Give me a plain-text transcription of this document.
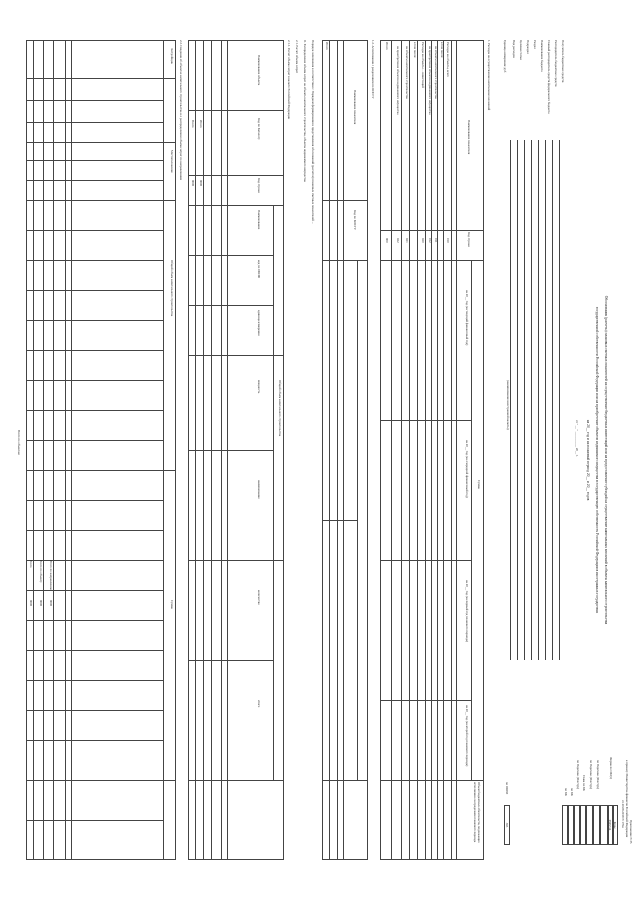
Приложение N 35
к приказу Министерства финансов Российской Федерации
от 20.08.2018 N 176н
Обоснования (расчеты) плановых сметных показателей на осуществление бюджетных инвестиций или на предоставление субсидий на осуществление капитальных вложений в объекты капитального строительства
государственной собственности Российской Федерации или на приобретение объектов недвижимого имущества в государственную собственность Российской Федерации в иностранных государствах
на 20__ год и на плановый период 20__ и 20__ годов
от " __ " __________ 20__ г.
Получатель бюджетных средств
Распорядитель бюджетных средств
Главный распорядитель средств федерального бюджета
Наименование бюджета
Раздел
Подраздел
Целевая статья
Вид расходов
Единица измерения: руб
(наименование иностранной валюты)
Коды
Форма по ОКУД
0505734
по Перечню (Реестру)
по Перечню (Реестру)
Глава по БК
по Перечню (Реестру)
по БК
по БК
по ОКЕИ
383
1. Расходы на осуществление капитальных вложений
Наименование показателя
Код строки
Сумма
на 20__ год (на текущий финансовый год)
на 20__ год (на очередной финансовый год)
на 20__ год (на первый год планового периода)
на 20__ год (на второй год планового периода)
Объем бюджетных обязательств, подлежащих исполнению за пределами планового периода
Расходы на объекты, всего
010
в том числе:
на объекты капитального строительства
011
на приобретение объектов недвижимого имущества
012
Расходы на объекты ... инвестиций
020
в том числе:
на объекты капитального строительства
021
на приобретение объектов недвижимого имущества
022
Итого
900
1.2. Ассигнования с разделением по КОСГУ
Наименование показателя
Код по КОСГУ
Итого
Порядок заполнения в соответствии с Порядком формирования и представления обоснований (расчетов) плановых сметных показателей ...
II. Распределение объема затрат на объекты капитального строительства, объекты недвижимого имущества
2.1. Расчет объема затрат
2.1.1. Расчет объема затрат в валюте Российской Федерации
Наименование объекта
Код по Каталогу
Код строки
Общий объем капитального строительства
Наименование
код по ОКОФ
единица измерения
мощность
наименование
количество
итого
Итого
9000
Всего
9000
2.2. Сведения об объектах капитального строительства и о распределении объема затрат по направлениям
Застройщик
Местоположение
Общий объем капитального строительства
Сумма
Итого по направлению
9000
Всего по объекту
9000
Всего
9000
Всего по объектам
